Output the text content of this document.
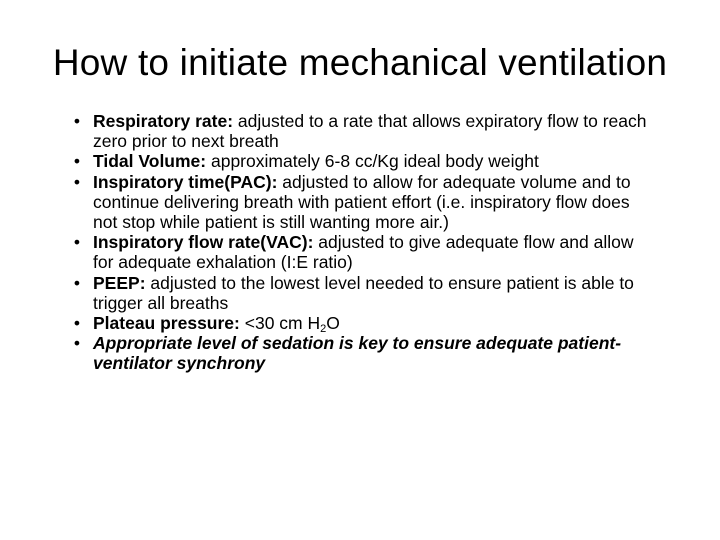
How to initiate mechanical ventilation
• Respiratory rate: adjusted to a rate that allows expiratory flow to reach zero prior to next breath
• Tidal Volume: approximately 6-8 cc/Kg ideal body weight
• Inspiratory time(PAC): adjusted to allow for adequate volume and to continue delivering breath with patient effort (i.e. inspiratory flow does not stop while patient is still wanting more air.)
• Inspiratory flow rate(VAC): adjusted to give adequate flow and allow for adequate exhalation (I:E ratio)
• PEEP: adjusted to the lowest level needed to ensure patient is able to trigger all breaths
• Plateau pressure: <30 cm $H_2O$
• Appropriate level of sedation is key to ensure adequate patient-ventilator synchrony
